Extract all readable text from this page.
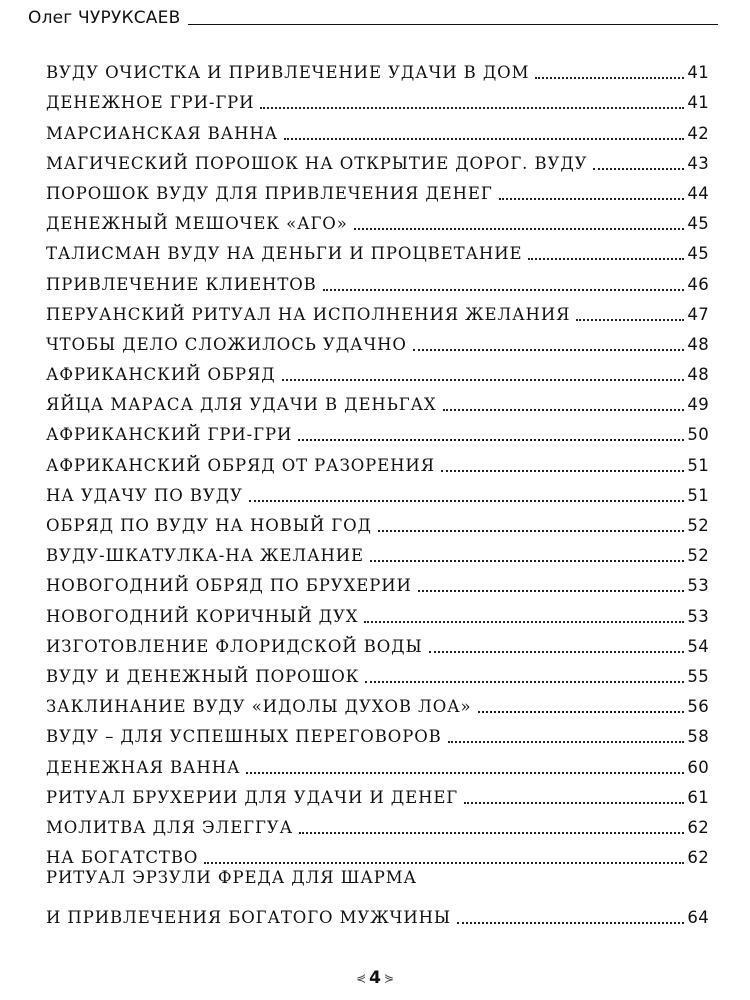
Олег ЧУРУКСАЕВ
ВУДУ ОЧИСТКА И ПРИВЛЕЧЕНИЕ УДАЧИ В ДОМ	41
ДЕНЕЖНОЕ ГРИ-ГРИ	41
МАРСИАНСКАЯ ВАННА	42
МАГИЧЕСКИЙ ПОРОШОК НА ОТКРЫТИЕ ДОРОГ. ВУДУ	43
ПОРОШОК ВУДУ ДЛЯ ПРИВЛЕЧЕНИЯ ДЕНЕГ	44
ДЕНЕЖНЫЙ МЕШОЧЕК «АГО»	45
ТАЛИСМАН ВУДУ НА ДЕНЬГИ И ПРОЦВЕТАНИЕ	45
ПРИВЛЕЧЕНИЕ КЛИЕНТОВ	46
ПЕРУАНСКИЙ РИТУАЛ НА ИСПОЛНЕНИЯ ЖЕЛАНИЯ	47
ЧТОБЫ ДЕЛО СЛОЖИЛОСЬ УДАЧНО	48
АФРИКАНСКИЙ ОБРЯД	48
ЯЙЦА МАРАСА ДЛЯ УДАЧИ В ДЕНЬГАХ	49
АФРИКАНСКИЙ ГРИ-ГРИ	50
АФРИКАНСКИЙ ОБРЯД ОТ РАЗОРЕНИЯ	51
НА УДАЧУ ПО ВУДУ	51
ОБРЯД ПО ВУДУ НА НОВЫЙ ГОД	52
ВУДУ-ШКАТУЛКА-НА ЖЕЛАНИЕ	52
НОВОГОДНИЙ ОБРЯД ПО БРУХЕРИИ	53
НОВОГОДНИЙ КОРИЧНЫЙ ДУХ	53
ИЗГОТОВЛЕНИЕ ФЛОРИДСКОЙ ВОДЫ	54
ВУДУ И ДЕНЕЖНЫЙ ПОРОШОК	55
ЗАКЛИНАНИЕ ВУДУ «ИДОЛЫ ДУХОВ ЛОА»	56
ВУДУ – ДЛЯ УСПЕШНЫХ ПЕРЕГОВОРОВ	58
ДЕНЕЖНАЯ ВАННА	60
РИТУАЛ БРУХЕРИИ ДЛЯ УДАЧИ И ДЕНЕГ	61
МОЛИТВА ДЛЯ ЭЛЕГГУА	62
НА БОГАТСТВО	62
РИТУАЛ ЭРЗУЛИ ФРЕДА ДЛЯ ШАРМА
И ПРИВЛЕЧЕНИЯ БОГАТОГО МУЖЧИНЫ	64
⋞ 4 ⋟
